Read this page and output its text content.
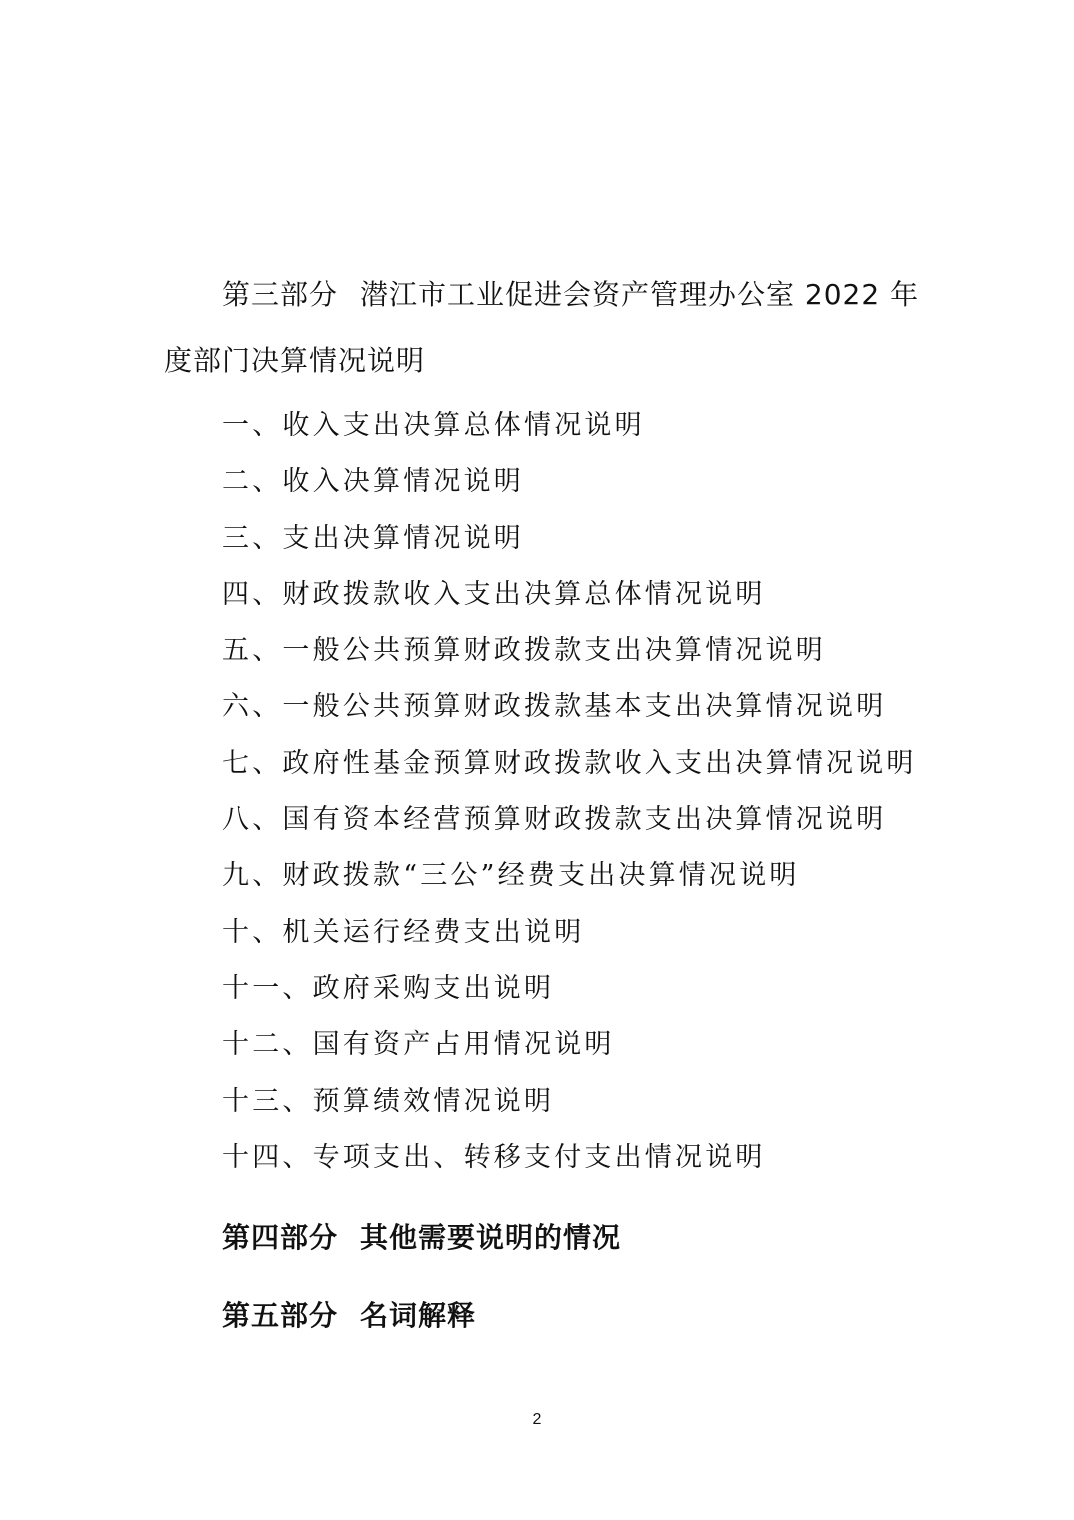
第三部分 潜江市工业促进会资产管理办公室 2022 年
度部门决算情况说明
一、收入支出决算总体情况说明
二、收入决算情况说明
三、支出决算情况说明
四、财政拨款收入支出决算总体情况说明
五、一般公共预算财政拨款支出决算情况说明
六、一般公共预算财政拨款基本支出决算情况说明
七、政府性基金预算财政拨款收入支出决算情况说明
八、国有资本经营预算财政拨款支出决算情况说明
九、财政拨款“三公”经费支出决算情况说明
十、机关运行经费支出说明
十一、政府采购支出说明
十二、国有资产占用情况说明
十三、预算绩效情况说明
十四、专项支出、转移支付支出情况说明
第四部分 其他需要说明的情况
第五部分 名词解释
2
